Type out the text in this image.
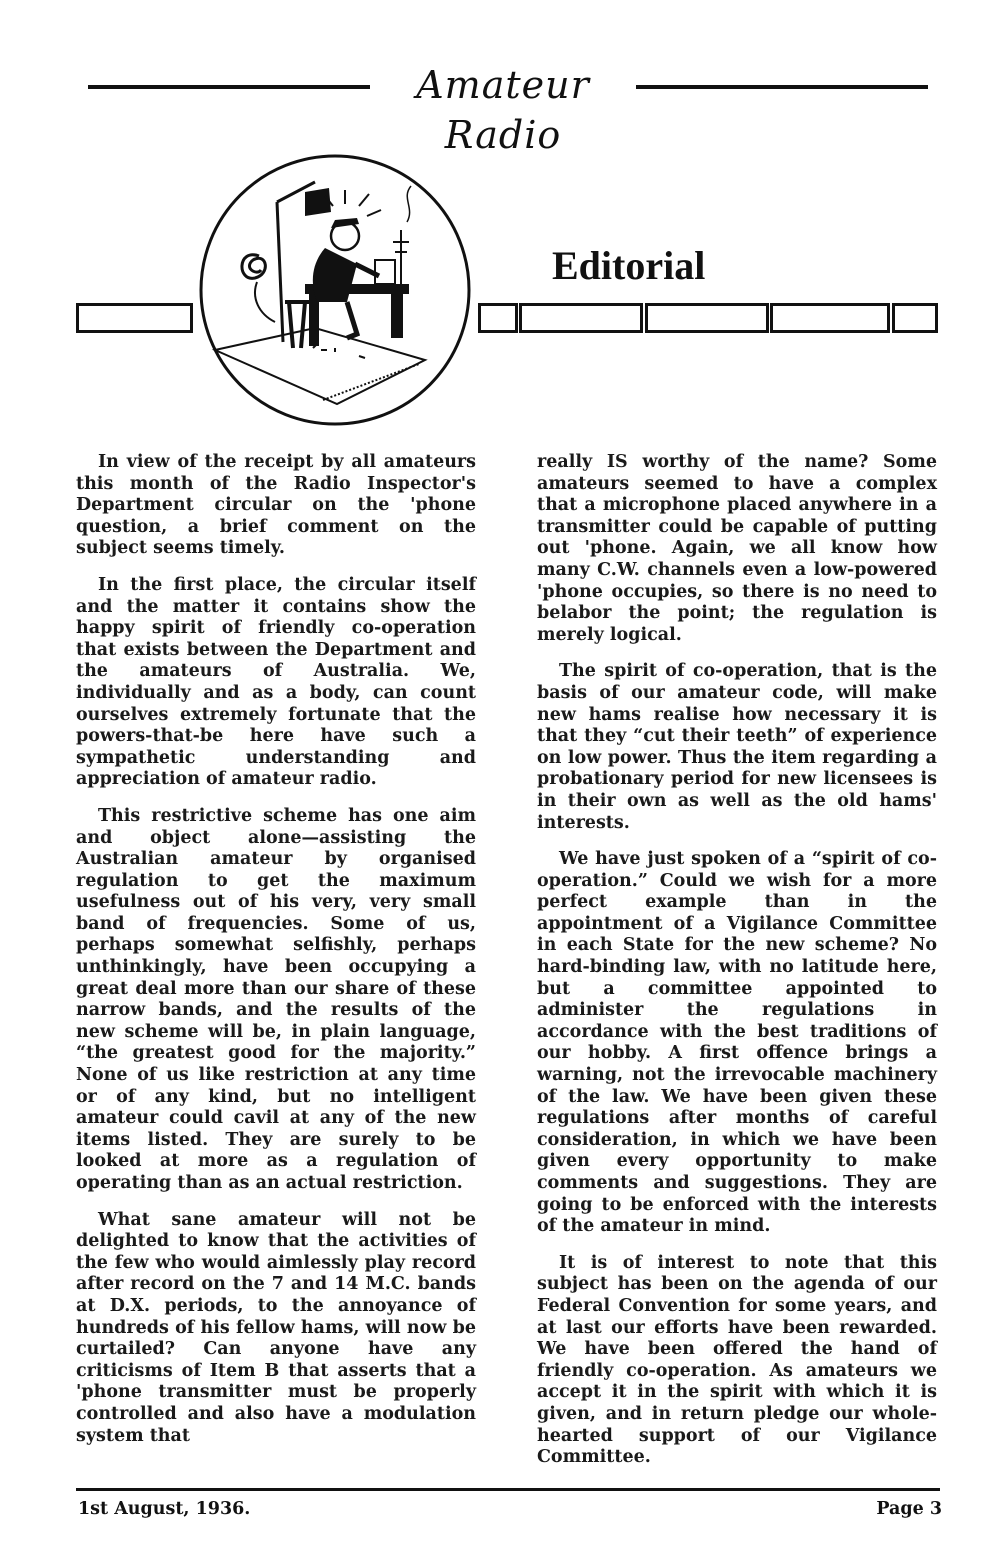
Amateur Radio
Editorial

In view of the receipt by all amateurs this month of the Radio Inspector's Department circular on the 'phone question, a brief comment on the subject seems timely.

In the first place, the circular itself and the matter it contains show the happy spirit of friendly co-operation that exists between the Department and the amateurs of Australia. We, individually and as a body, can count ourselves extremely fortunate that the powers-that-be here have such a sympathetic understanding and appreciation of amateur radio.

This restrictive scheme has one aim and object alone—assisting the Australian amateur by organised regulation to get the maximum usefulness out of his very, very small band of frequencies. Some of us, perhaps somewhat selfishly, perhaps unthinkingly, have been occupying a great deal more than our share of these narrow bands, and the results of the new scheme will be, in plain language, “the greatest good for the majority.” None of us like restriction at any time or of any kind, but no intelligent amateur could cavil at any of the new items listed. They are surely to be looked at more as a regulation of operating than as an actual restriction.

What sane amateur will not be delighted to know that the activities of the few who would aimlessly play record after record on the 7 and 14 M.C. bands at D.X. periods, to the annoyance of hundreds of his fellow hams, will now be curtailed? Can anyone have any criticisms of Item B that asserts that a 'phone transmitter must be properly controlled and also have a modulation system that

really IS worthy of the name? Some amateurs seemed to have a complex that a microphone placed anywhere in a transmitter could be capable of putting out 'phone. Again, we all know how many C.W. channels even a low-powered 'phone occupies, so there is no need to belabor the point; the regulation is merely logical.

The spirit of co-operation, that is the basis of our amateur code, will make new hams realise how necessary it is that they “cut their teeth” of experience on low power. Thus the item regarding a probationary period for new licensees is in their own as well as the old hams' interests.

We have just spoken of a “spirit of co-operation.” Could we wish for a more perfect example than in the appointment of a Vigilance Committee in each State for the new scheme? No hard-binding law, with no latitude here, but a committee appointed to administer the regulations in accordance with the best traditions of our hobby. A first offence brings a warning, not the irrevocable machinery of the law. We have been given these regulations after months of careful consideration, in which we have been given every opportunity to make comments and suggestions. They are going to be enforced with the interests of the amateur in mind.

It is of interest to note that this subject has been on the agenda of our Federal Convention for some years, and at last our efforts have been rewarded. We have been offered the hand of friendly co-operation. As amateurs we accept it in the spirit with which it is given, and in return pledge our whole-hearted support of our Vigilance Committee.

1st August, 1936.	Page 3
